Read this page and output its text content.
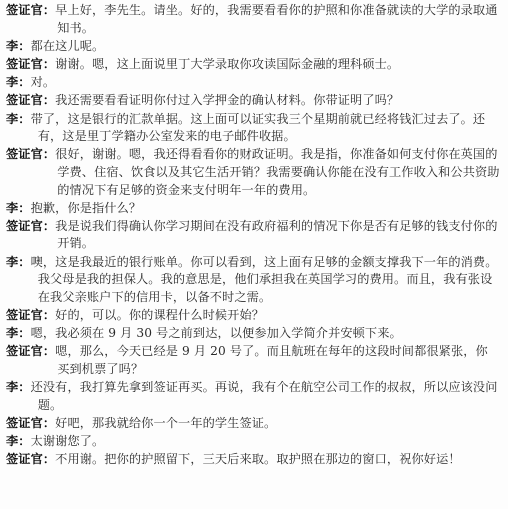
签证官：早上好，李先生。请坐。好的，我需要看看你的护照和你准备就读的大学的录取通知书。
李：都在这儿呢。
签证官：谢谢。嗯，这上面说里丁大学录取你攻读国际金融的理科硕士。
李：对。
签证官：我还需要看看证明你付过入学押金的确认材料。你带证明了吗？
李：带了，这是银行的汇款单据。这上面可以证实我三个星期前就已经将钱汇过去了。还有，这是里丁学籍办公室发来的电子邮件收据。
签证官：很好，谢谢。嗯，我还得看看你的财政证明。我是指，你准备如何支付你在英国的学费、住宿、饮食以及其它生活开销？我需要确认你能在没有工作收入和公共资助的情况下有足够的资金来支付明年一年的费用。
李：抱歉，你是指什么？
签证官：我是说我们得确认你学习期间在没有政府福利的情况下你是否有足够的钱支付你的开销。
李：噢，这是我最近的银行账单。你可以看到，这上面有足够的金额支撑我下一年的消费。我父母是我的担保人。我的意思是，他们承担我在英国学习的费用。而且，我有张设在我父亲账户下的信用卡，以备不时之需。
签证官：好的，可以。你的课程什么时候开始？
李：嗯，我必须在 9 月 30 号之前到达，以便参加入学简介并安顿下来。
签证官：嗯，那么，今天已经是 9 月 20 号了。而且航班在每年的这段时间都很紧张，你买到机票了吗？
李：还没有，我打算先拿到签证再买。再说，我有个在航空公司工作的叔叔，所以应该没问题。
签证官：好吧，那我就给你一个一年的学生签证。
李：太谢谢您了。
签证官：不用谢。把你的护照留下，三天后来取。取护照在那边的窗口，祝你好运！
